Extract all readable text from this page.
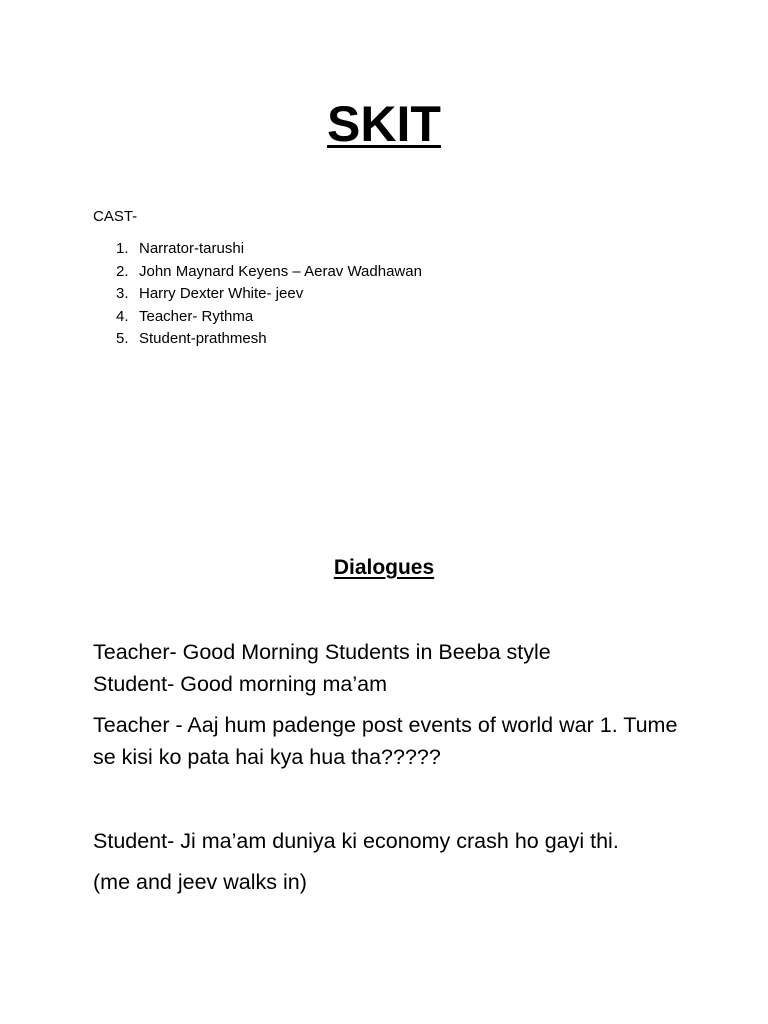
SKIT
CAST-
1. Narrator-tarushi
2. John Maynard Keyens – Aerav Wadhawan
3. Harry Dexter White- jeev
4. Teacher- Rythma
5. Student-prathmesh
Dialogues

Teacher- Good Morning Students in Beeba style

Student- Good morning ma’am

Teacher - Aaj hum padenge post events of world war 1. Tume se kisi ko pata hai kya hua tha?????

Student- Ji ma’am duniya ki economy crash ho gayi thi.

(me and jeev walks in)
